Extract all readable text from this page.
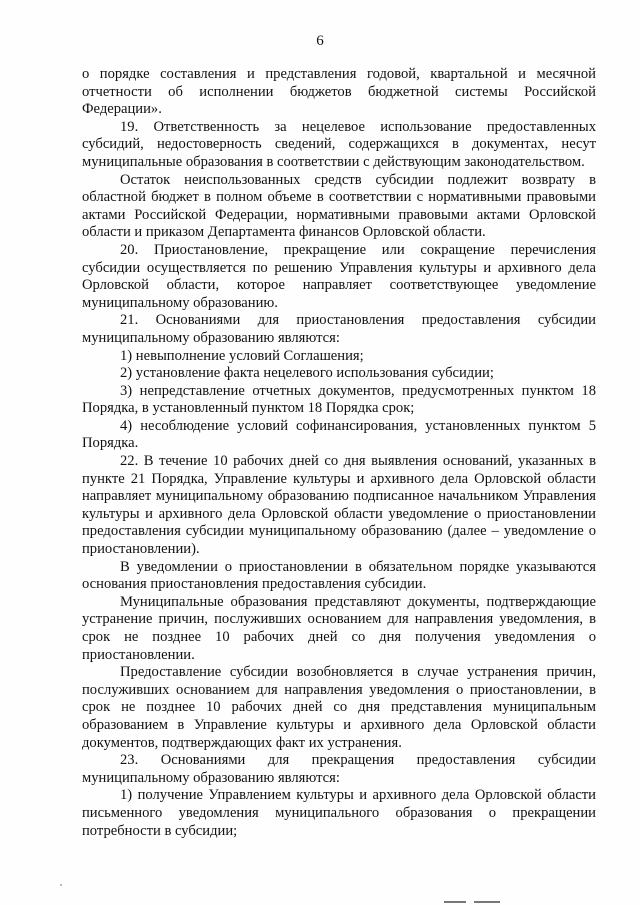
6

о порядке составления и представления годовой, квартальной и месячной отчетности об исполнении бюджетов бюджетной системы Российской Федерации».

19. Ответственность за нецелевое использование предоставленных субсидий, недостоверность сведений, содержащихся в документах, несут муниципальные образования в соответствии с действующим законодательством.

Остаток неиспользованных средств субсидии подлежит возврату в областной бюджет в полном объеме в соответствии с нормативными правовыми актами Российской Федерации, нормативными правовыми актами Орловской области и приказом Департамента финансов Орловской области.

20. Приостановление, прекращение или сокращение перечисления субсидии осуществляется по решению Управления культуры и архивного дела Орловской области, которое направляет соответствующее уведомление муниципальному образованию.

21. Основаниями для приостановления предоставления субсидии муниципальному образованию являются:

1) невыполнение условий Соглашения;

2) установление факта нецелевого использования субсидии;

3) непредставление отчетных документов, предусмотренных пунктом 18 Порядка, в установленный пунктом 18 Порядка срок;

4) несоблюдение условий софинансирования, установленных пунктом 5 Порядка.

22. В течение 10 рабочих дней со дня выявления оснований, указанных в пункте 21 Порядка, Управление культуры и архивного дела Орловской области направляет муниципальному образованию подписанное начальником Управления культуры и архивного дела Орловской области уведомление о приостановлении предоставления субсидии муниципальному образованию (далее – уведомление о приостановлении).

В уведомлении о приостановлении в обязательном порядке указываются основания приостановления предоставления субсидии.

Муниципальные образования представляют документы, подтверждающие устранение причин, послуживших основанием для направления уведомления, в срок не позднее 10 рабочих дней со дня получения уведомления о приостановлении.

Предоставление субсидии возобновляется в случае устранения причин, послуживших основанием для направления уведомления о приостановлении, в срок не позднее 10 рабочих дней со дня представления муниципальным образованием в Управление культуры и архивного дела Орловской области документов, подтверждающих факт их устранения.

23. Основаниями для прекращения предоставления субсидии муниципальному образованию являются:

1) получение Управлением культуры и архивного дела Орловской области письменного уведомления муниципального образования о прекращении потребности в субсидии;
